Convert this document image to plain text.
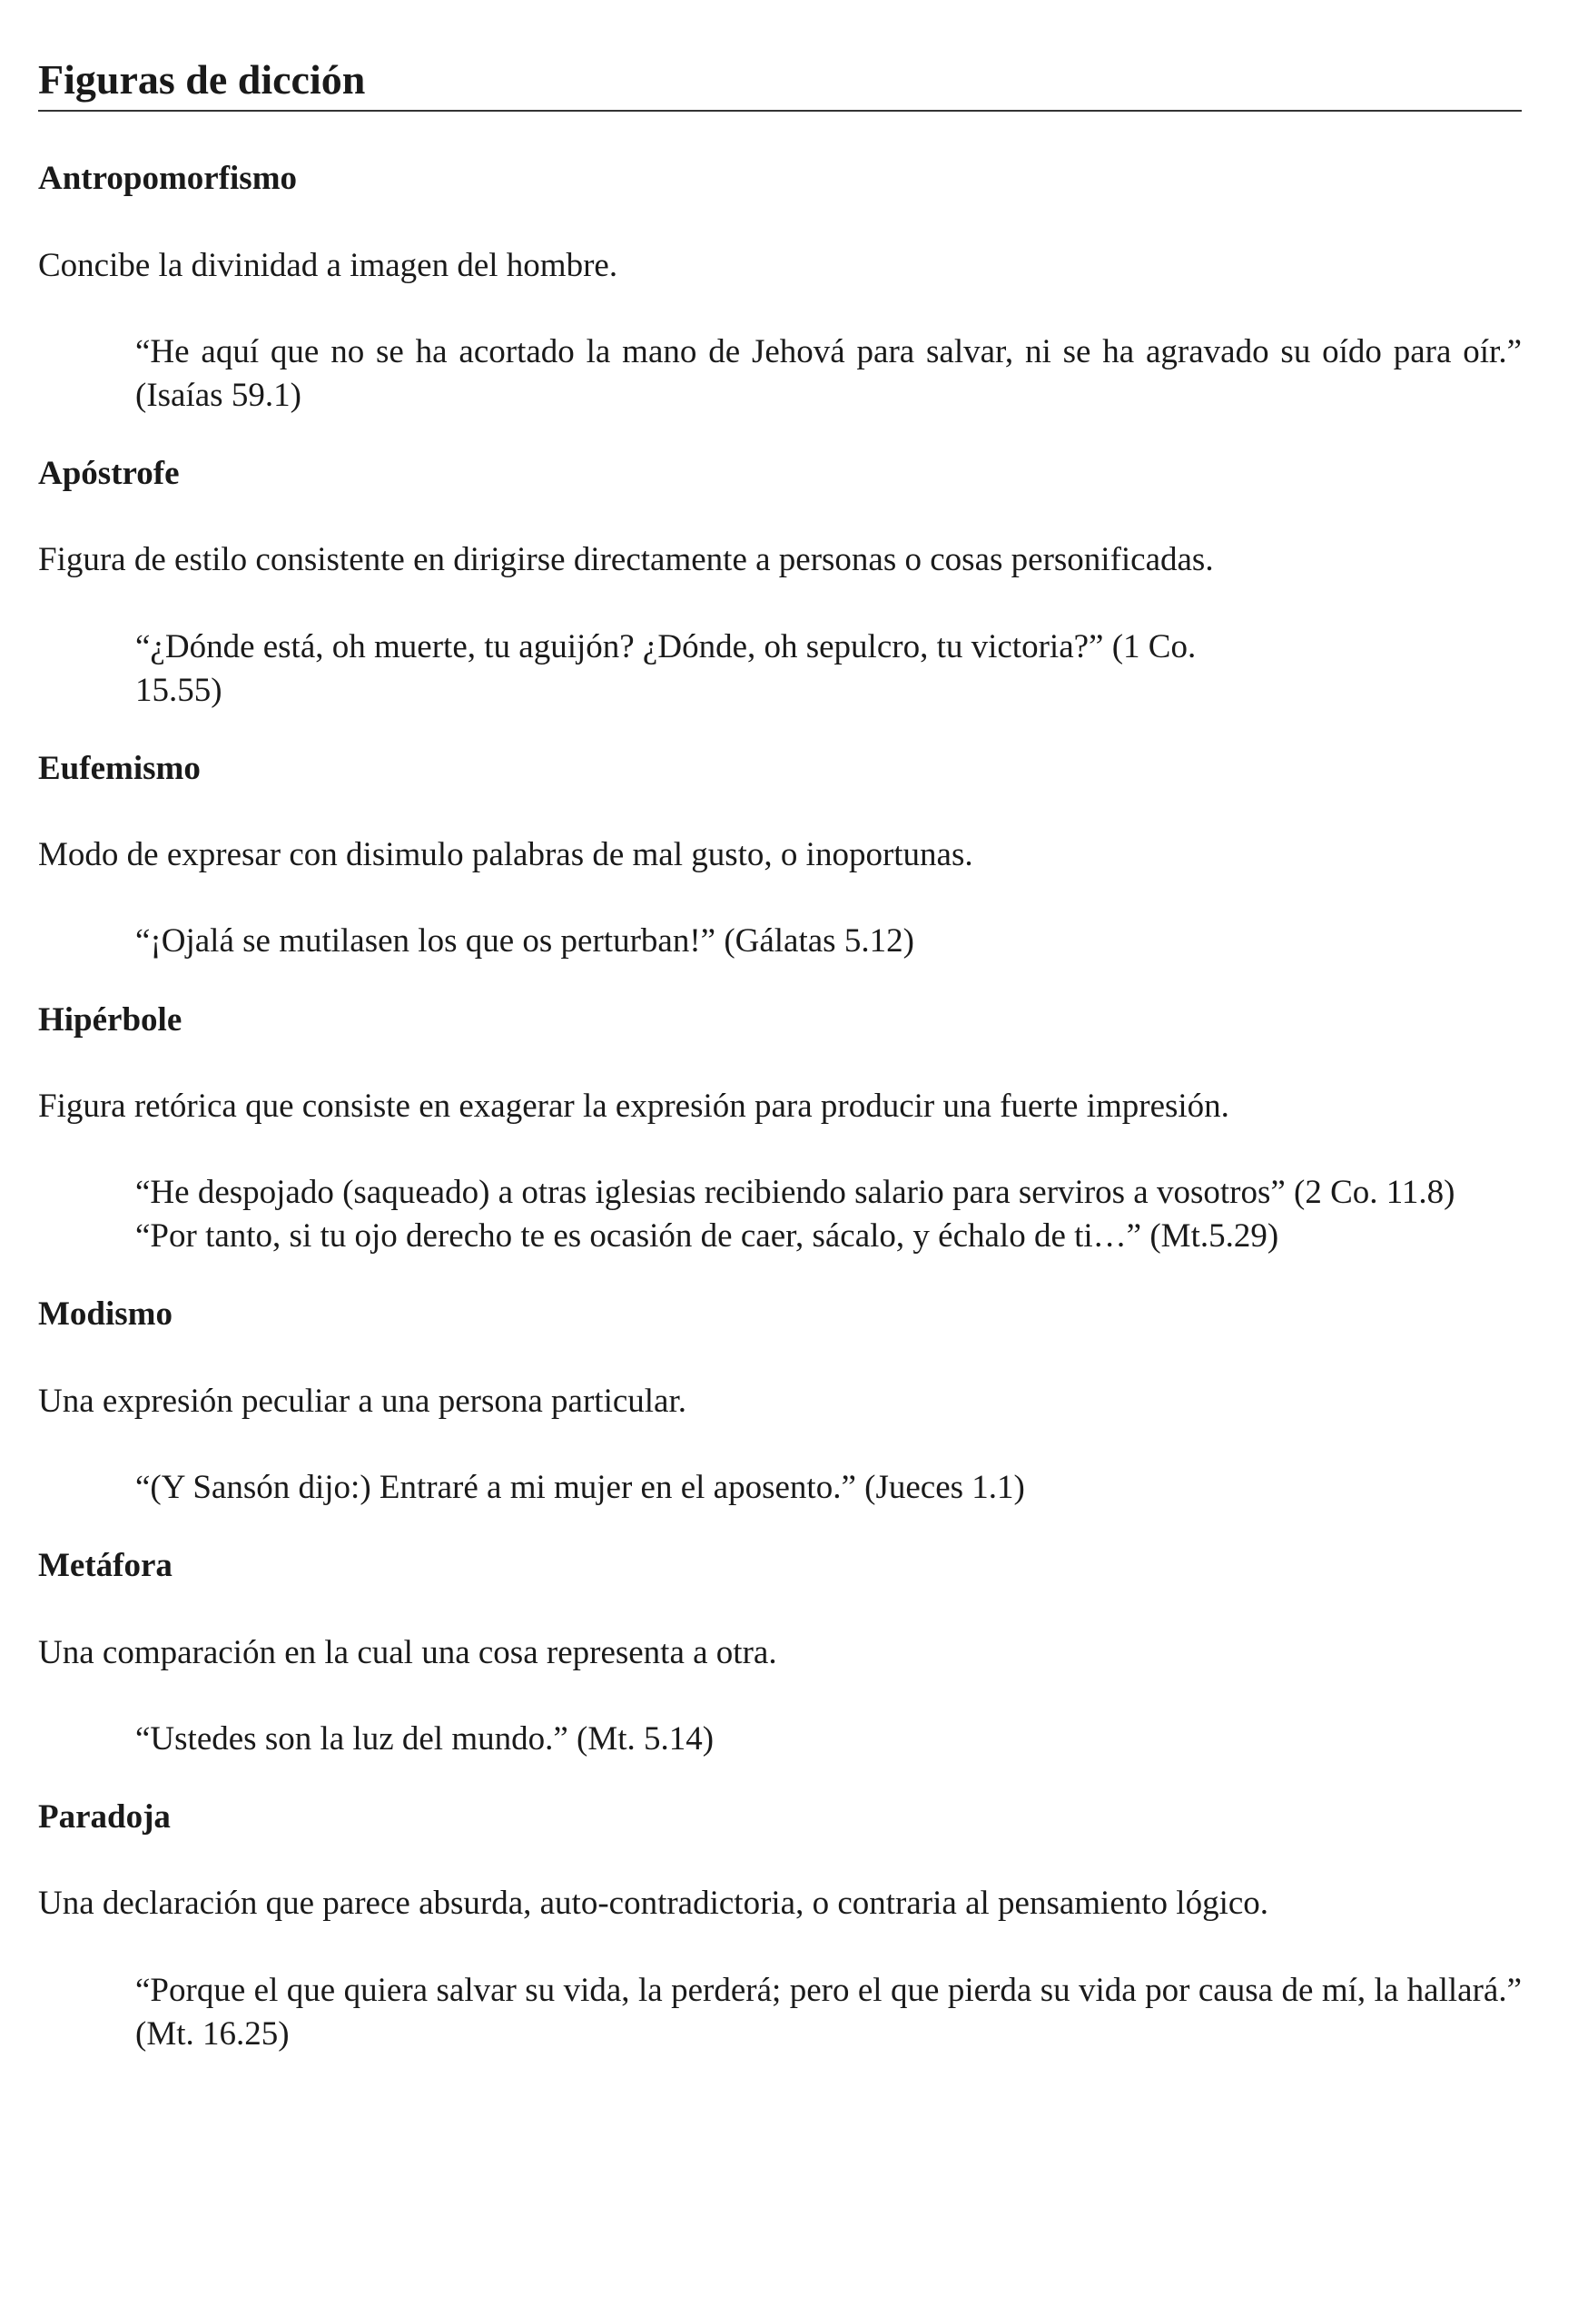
Figuras de dicción
Antropomorfismo

Concibe la divinidad a imagen del hombre.

“He aquí que no se ha acortado la mano de Jehová para salvar, ni se ha agravado su oído para oír.” (Isaías 59.1)

Apóstrofe

Figura de estilo consistente en dirigirse directamente a personas o cosas personificadas.

“¿Dónde está, oh muerte, tu aguijón? ¿Dónde, oh sepulcro, tu victoria?” (1 Co. 15.55)

Eufemismo

Modo de expresar con disimulo palabras de mal gusto, o inoportunas.

“¡Ojalá se mutilasen los que os perturban!” (Gálatas 5.12)

Hipérbole

Figura retórica que consiste en exagerar la expresión para producir una fuerte impresión.

“He despojado (saqueado) a otras iglesias recibiendo salario para serviros a vosotros” (2 Co. 11.8)

“Por tanto, si tu ojo derecho te es ocasión de caer, sácalo, y échalo de ti…” (Mt.5.29)

Modismo

Una expresión peculiar a una persona particular.

“(Y Sansón dijo:) Entraré a mi mujer en el aposento.” (Jueces 1.1)

Metáfora

Una comparación en la cual una cosa representa a otra.

“Ustedes son la luz del mundo.” (Mt. 5.14)

Paradoja

Una declaración que parece absurda, auto-contradictoria, o contraria al pensamiento lógico.

“Porque el que quiera salvar su vida, la perderá; pero el que pierda su vida por causa de mí, la hallará.” (Mt. 16.25)
